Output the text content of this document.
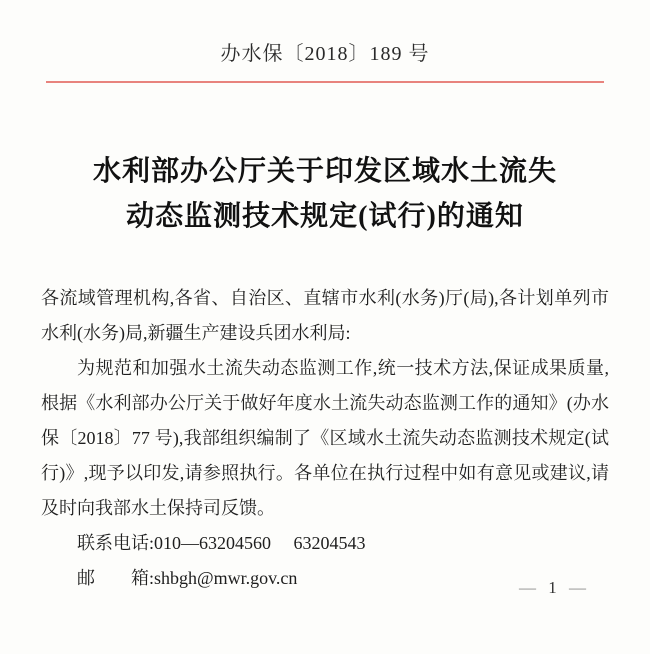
办水保〔2018〕189 号
水利部办公厅关于印发区域水土流失
动态监测技术规定(试行)的通知

各流域管理机构,各省、自治区、直辖市水利(水务)厅(局),各计划单列市水利(水务)局,新疆生产建设兵团水利局:

为规范和加强水土流失动态监测工作,统一技术方法,保证成果质量,根据《水利部办公厅关于做好年度水土流失动态监测工作的通知》(办水保〔2018〕77 号),我部组织编制了《区域水土流失动态监测技术规定(试行)》,现予以印发,请参照执行。各单位在执行过程中如有意见或建议,请及时向我部水土保持司反馈。

联系电话:010—63204560　 63204543

邮　　箱:shbgh@mwr.gov.cn	— 1 —
